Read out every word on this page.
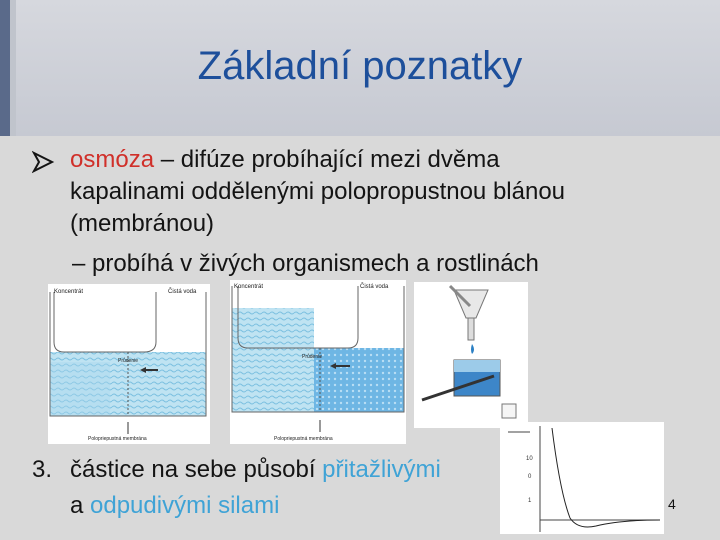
Základní poznatky
osmóza – difúze probíhající mezi dvěma
kapalinami oddělenými polopropustnou blánou
(membránou)
– probíhá v živých organismech a rostlinách
Koncentrát	Čistá voda
Průdenie
Polopriepustná membrána
Koncentrát	Čistá voda
Průdenie
Polopriepustná membrána
3. částice na sebe působí přitažlivými
a odpudivými silami
10
0
1	4
